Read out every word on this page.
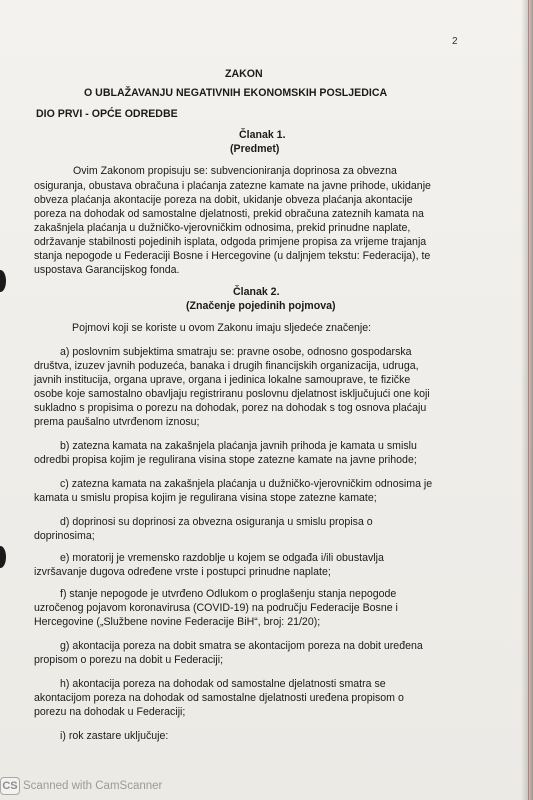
2
ZAKON
O UBLAŽAVANJU NEGATIVNIH EKONOMSKIH POSLJEDICA
DIO PRVI - OPĆE ODREDBE
Članak 1.
(Predmet)
Ovim Zakonom propisuju se: subvencioniranja doprinosa za obvezna
osiguranja, obustava obračuna i plaćanja zatezne kamate na javne prihode, ukidanje
obveza plaćanja akontacije poreza na dobit, ukidanje obveza plaćanja akontacije
poreza na dohodak od samostalne djelatnosti, prekid obračuna zateznih kamata na
zakašnjela plaćanja u dužničko-vjerovničkim odnosima, prekid prinudne naplate,
održavanje stabilnosti pojedinih isplata, odgoda primjene propisa za vrijeme trajanja
stanja nepogode u Federaciji Bosne i Hercegovine (u daljnjem tekstu: Federacija), te
uspostava Garancijskog fonda.
Članak 2.
(Značenje pojedinih pojmova)
Pojmovi koji se koriste u ovom Zakonu imaju sljedeće značenje:
a) poslovnim subjektima smatraju se: pravne osobe, odnosno gospodarska
društva, izuzev javnih poduzeća, banaka i drugih financijskih organizacija, udruga,
javnih institucija, organa uprave, organa i jedinica lokalne samouprave, te fizičke
osobe koje samostalno obavljaju registriranu poslovnu djelatnost isključujući one koji
sukladno s propisima o porezu na dohodak, porez na dohodak s tog osnova plaćaju
prema paušalno utvrđenom iznosu;
b) zatezna kamata na zakašnjela plaćanja javnih prihoda je kamata u smislu
odredbi propisa kojim je regulirana visina stope zatezne kamate na javne prihode;
c) zatezna kamata na zakašnjela plaćanja u dužničko-vjerovničkim odnosima je
kamata u smislu propisa kojim je regulirana visina stope zatezne kamate;
d) doprinosi su doprinosi za obvezna osiguranja u smislu propisa o
doprinosima;
e) moratorij je vremensko razdoblje u kojem se odgađa i/ili obustavlja
izvršavanje dugova određene vrste i postupci prinudne naplate;
f) stanje nepogode je utvrđeno Odlukom o proglašenju stanja nepogode
uzročenog pojavom koronavirusa (COVID-19) na području Federacije Bosne i
Hercegovine („Službene novine Federacije BiH“, broj: 21/20);
g) akontacija poreza na dobit smatra se akontacijom poreza na dobit uređena
propisom o porezu na dobit u Federaciji;
h) akontacija poreza na dohodak od samostalne djelatnosti smatra se
akontacijom poreza na dohodak od samostalne djelatnosti uređena propisom o
porezu na dohodak u Federaciji;
i) rok zastare uključuje:
CS Scanned with CamScanner
